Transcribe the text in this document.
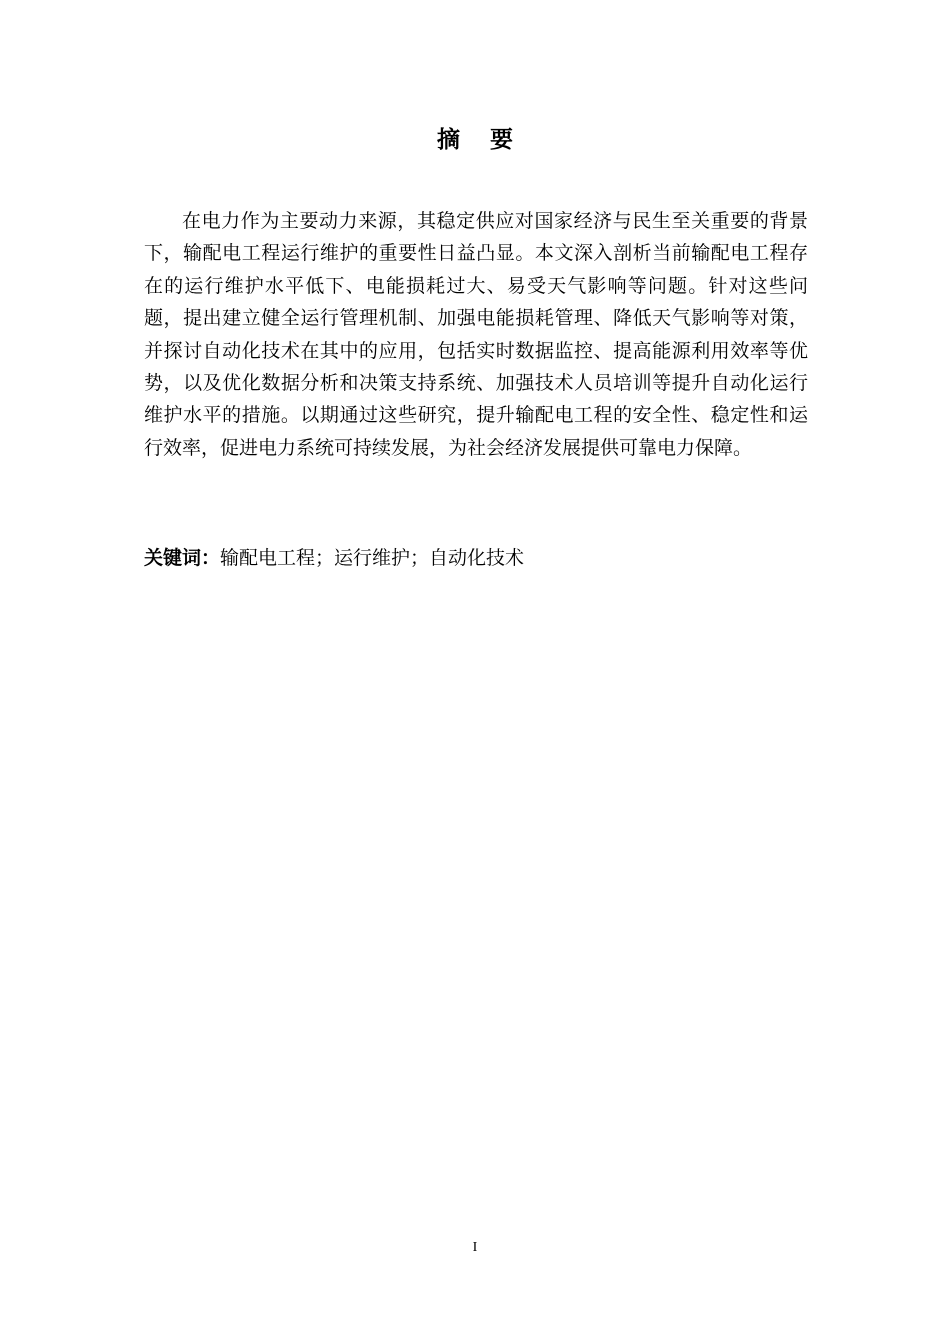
摘 要

在电力作为主要动力来源，其稳定供应对国家经济与民生至关重要的背景下，输配电工程运行维护的重要性日益凸显。本文深入剖析当前输配电工程存在的运行维护水平低下、电能损耗过大、易受天气影响等问题。针对这些问题，提出建立健全运行管理机制、加强电能损耗管理、降低天气影响等对策，并探讨自动化技术在其中的应用，包括实时数据监控、提高能源利用效率等优势，以及优化数据分析和决策支持系统、加强技术人员培训等提升自动化运行维护水平的措施。以期通过这些研究，提升输配电工程的安全性、稳定性和运行效率，促进电力系统可持续发展，为社会经济发展提供可靠电力保障。

关键词：输配电工程；运行维护；自动化技术

I
